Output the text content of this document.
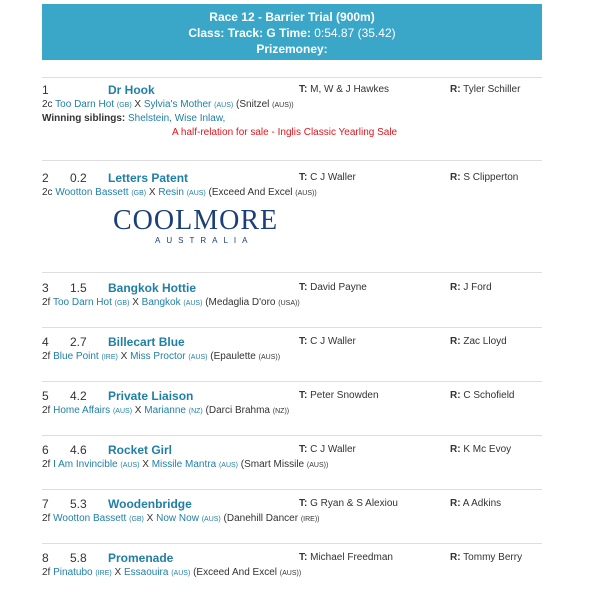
Race 12 - Barrier Trial (900m)
Class: Track: G Time: 0:54.87 (35.42)
Prizemoney:
1	Dr Hook	T: M, W & J Hawkes	R: Tyler Schiller
2c Too Darn Hot (GB) X Sylvia's Mother (AUS) (Snitzel (AUS))
Winning siblings: Shelstein, Wise Inlaw,
A half-relation for sale - Inglis Classic Yearling Sale
2 0.2 Letters Patent	T: C J Waller	R: S Clipperton
2c Wootton Bassett (GB) X Resin (AUS) (Exceed And Excel (AUS))
COOLMORE
AUSTRALIA
3 1.5 Bangkok Hottie	T: David Payne	R: J Ford
2f Too Darn Hot (GB) X Bangkok (AUS) (Medaglia D'oro (USA))
4 2.7 Billecart Blue	T: C J Waller	R: Zac Lloyd
2f Blue Point (IRE) X Miss Proctor (AUS) (Epaulette (AUS))
5 4.2 Private Liaison	T: Peter Snowden	R: C Schofield
2f Home Affairs (AUS) X Marianne (NZ) (Darci Brahma (NZ))
6 4.6 Rocket Girl	T: C J Waller	R: K Mc Evoy
2f I Am Invincible (AUS) X Missile Mantra (AUS) (Smart Missile (AUS))
7 5.3 Woodenbridge	T: G Ryan & S Alexiou	R: A Adkins
2f Wootton Bassett (GB) X Now Now (AUS) (Danehill Dancer (IRE))
8 5.8 Promenade	T: Michael Freedman	R: Tommy Berry
2f Pinatubo (IRE) X Essaouira (AUS) (Exceed And Excel (AUS))
